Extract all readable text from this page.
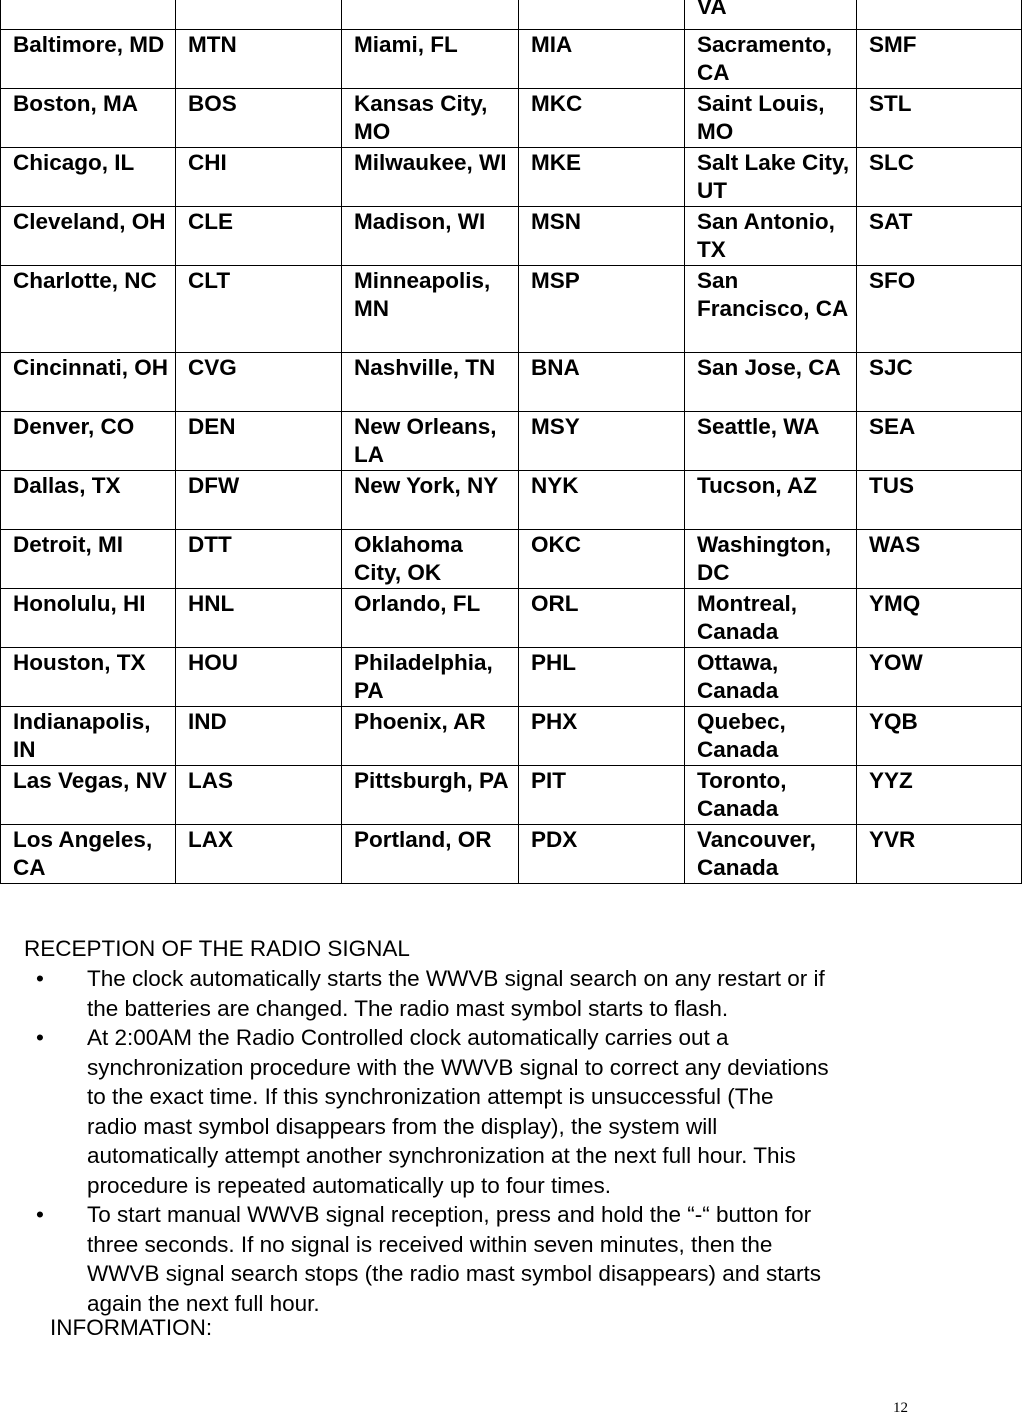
				VA	
Baltimore, MD	MTN	Miami, FL	MIA	Sacramento, CA	SMF
Boston, MA	BOS	Kansas City, MO	MKC	Saint Louis, MO	STL
Chicago, IL	CHI	Milwaukee, WI	MKE	Salt Lake City, UT	SLC
Cleveland, OH	CLE	Madison, WI	MSN	San Antonio, TX	SAT
Charlotte, NC	CLT	Minneapolis, MN	MSP	San Francisco, CA	SFO
Cincinnati, OH	CVG	Nashville, TN	BNA	San Jose, CA	SJC
Denver, CO	DEN	New Orleans, LA	MSY	Seattle, WA	SEA
Dallas, TX	DFW	New York, NY	NYK	Tucson, AZ	TUS
Detroit, MI	DTT	Oklahoma City, OK	OKC	Washington, DC	WAS
Honolulu, HI	HNL	Orlando, FL	ORL	Montreal, Canada	YMQ
Houston, TX	HOU	Philadelphia, PA	PHL	Ottawa, Canada	YOW
Indianapolis, IN	IND	Phoenix, AR	PHX	Quebec, Canada	YQB
Las Vegas, NV	LAS	Pittsburgh, PA	PIT	Toronto, Canada	YYZ
Los Angeles, CA	LAX	Portland, OR	PDX	Vancouver, Canada	YVR
RECEPTION OF THE RADIO SIGNAL
• The clock automatically starts the WWVB signal search on any restart or if
the batteries are changed. The radio mast symbol starts to flash.
• At 2:00AM the Radio Controlled clock automatically carries out a
synchronization procedure with the WWVB signal to correct any deviations
to the exact time. If this synchronization attempt is unsuccessful (The
radio mast symbol disappears from the display), the system will
automatically attempt another synchronization at the next full hour. This
procedure is repeated automatically up to four times.
• To start manual WWVB signal reception, press and hold the “-“ button for
three seconds. If no signal is received within seven minutes, then the
WWVB signal search stops (the radio mast symbol disappears) and starts
again the next full hour.
INFORMATION:
12
